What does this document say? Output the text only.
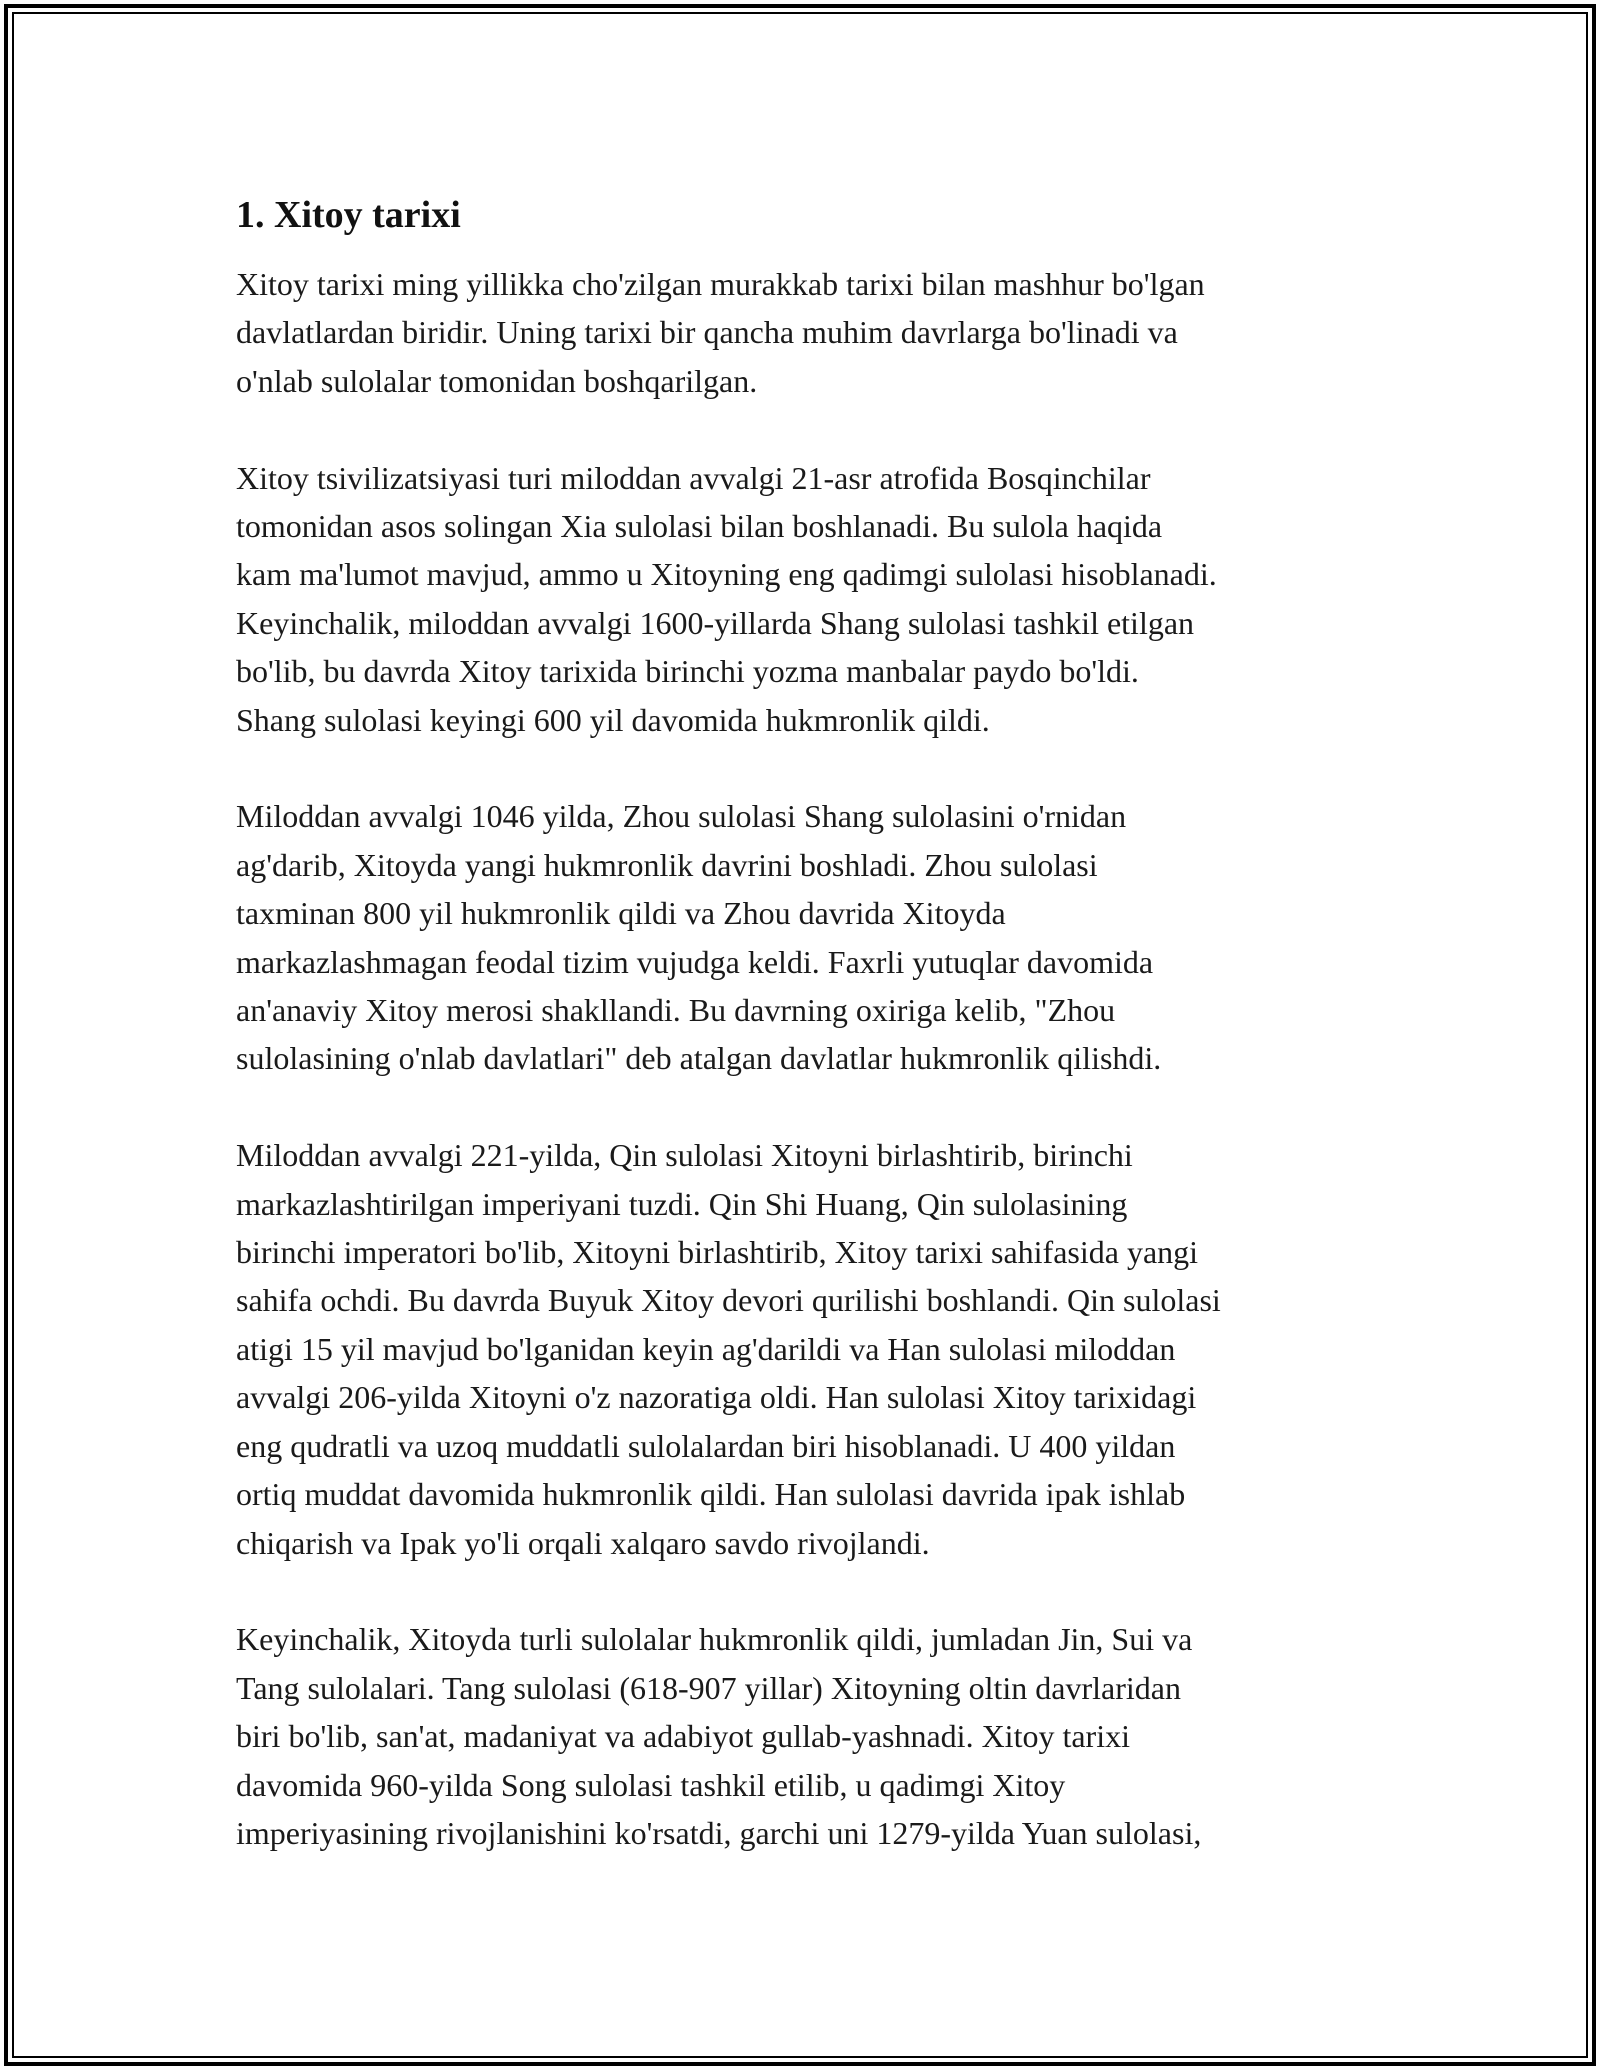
1. Xitoy tarixi

Xitoy tarixi ming yillikka cho'zilgan murakkab tarixi bilan mashhur bo'lgan
davlatlardan biridir. Uning tarixi bir qancha muhim davrlarga bo'linadi va
o'nlab sulolalar tomonidan boshqarilgan.

Xitoy tsivilizatsiyasi turi miloddan avvalgi 21-asr atrofida Bosqinchilar
tomonidan asos solingan Xia sulolasi bilan boshlanadi. Bu sulola haqida
kam ma'lumot mavjud, ammo u Xitoyning eng qadimgi sulolasi hisoblanadi.
Keyinchalik, miloddan avvalgi 1600-yillarda Shang sulolasi tashkil etilgan
bo'lib, bu davrda Xitoy tarixida birinchi yozma manbalar paydo bo'ldi.
Shang sulolasi keyingi 600 yil davomida hukmronlik qildi.

Miloddan avvalgi 1046 yilda, Zhou sulolasi Shang sulolasini o'rnidan
ag'darib, Xitoyda yangi hukmronlik davrini boshladi. Zhou sulolasi
taxminan 800 yil hukmronlik qildi va Zhou davrida Xitoyda
markazlashmagan feodal tizim vujudga keldi. Faxrli yutuqlar davomida
an'anaviy Xitoy merosi shakllandi. Bu davrning oxiriga kelib, "Zhou
sulolasining o'nlab davlatlari" deb atalgan davlatlar hukmronlik qilishdi.

Miloddan avvalgi 221-yilda, Qin sulolasi Xitoyni birlashtirib, birinchi
markazlashtirilgan imperiyani tuzdi. Qin Shi Huang, Qin sulolasining
birinchi imperatori bo'lib, Xitoyni birlashtirib, Xitoy tarixi sahifasida yangi
sahifa ochdi. Bu davrda Buyuk Xitoy devori qurilishi boshlandi. Qin sulolasi
atigi 15 yil mavjud bo'lganidan keyin ag'darildi va Han sulolasi miloddan
avvalgi 206-yilda Xitoyni o'z nazoratiga oldi. Han sulolasi Xitoy tarixidagi
eng qudratli va uzoq muddatli sulolalardan biri hisoblanadi. U 400 yildan
ortiq muddat davomida hukmronlik qildi. Han sulolasi davrida ipak ishlab
chiqarish va Ipak yo'li orqali xalqaro savdo rivojlandi.

Keyinchalik, Xitoyda turli sulolalar hukmronlik qildi, jumladan Jin, Sui va
Tang sulolalari. Tang sulolasi (618-907 yillar) Xitoyning oltin davrlaridan
biri bo'lib, san'at, madaniyat va adabiyot gullab-yashnadi. Xitoy tarixi
davomida 960-yilda Song sulolasi tashkil etilib, u qadimgi Xitoy
imperiyasining rivojlanishini ko'rsatdi, garchi uni 1279-yilda Yuan sulolasi,
